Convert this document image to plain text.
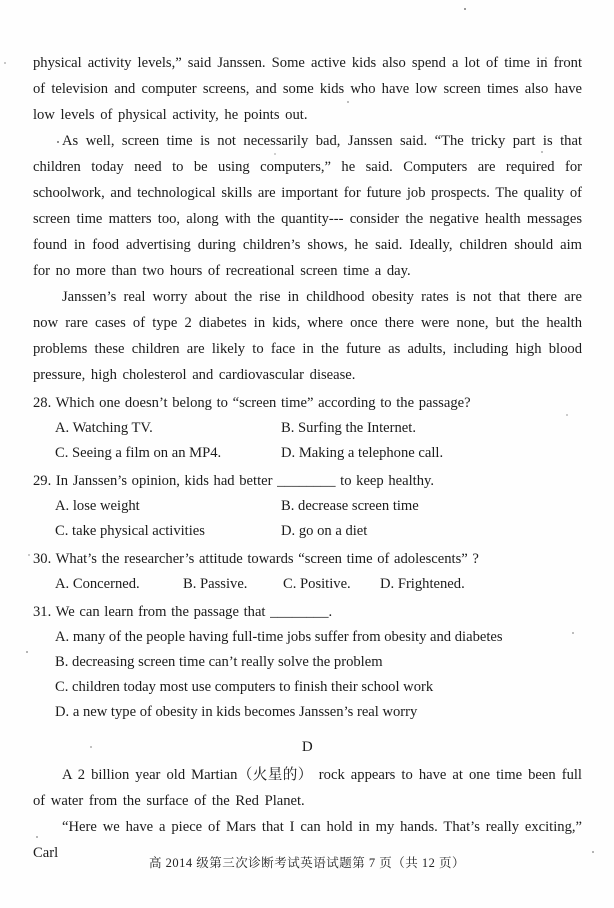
physical activity levels,” said Janssen. Some active kids also spend a lot of time in front of television and computer screens, and some kids who have low screen times also have low levels of physical activity, he points out.

As well, screen time is not necessarily bad, Janssen said. “The tricky part is that children today need to be using computers,” he said. Computers are required for schoolwork, and technological skills are important for future job prospects. The quality of screen time matters too, along with the quantity--- consider the negative health messages found in food advertising during children’s shows, he said. Ideally, children should aim for no more than two hours of recreational screen time a day.

Janssen’s real worry about the rise in childhood obesity rates is not that there are now rare cases of type 2 diabetes in kids, where once there were none, but the health problems these children are likely to face in the future as adults, including high blood pressure, high cholesterol and cardiovascular disease.

28. Which one doesn’t belong to “screen time” according to the passage?
A. Watching TV.	B. Surfing the Internet.
C. Seeing a film on an MP4.	D. Making a telephone call.
29. In Janssen’s opinion, kids had better ________ to keep healthy.
A. lose weight	B. decrease screen time
C. take physical activities	D. go on a diet
30. What’s the researcher’s attitude towards “screen time of adolescents” ?
A. Concerned.	B. Passive.	C. Positive.	D. Frightened.
31. We can learn from the passage that ________.
A. many of the people having full-time jobs suffer from obesity and diabetes
B. decreasing screen time can’t really solve the problem
C. children today most use computers to finish their school work
D. a new type of obesity in kids becomes Janssen’s real worry
D

A 2 billion year old Martian（火星的） rock appears to have at one time been full of water from the surface of the Red Planet.

“Here we have a piece of Mars that I can hold in my hands. That’s really exciting,” Carl

高 2014 级第三次诊断考试英语试题第 7 页（共 12 页）
